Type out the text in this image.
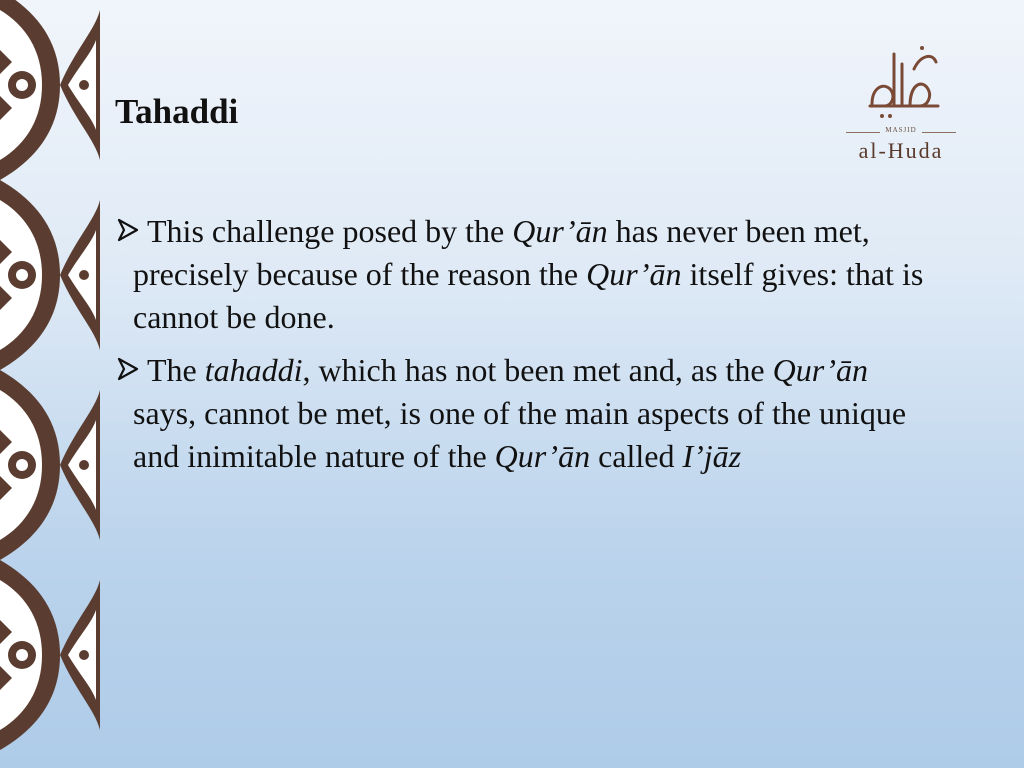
Tahaddi	MASJID
al-Huda

This challenge posed by the Qur’ān has never been met, precisely because of the reason the Qur’ān itself gives: that is cannot be done.

The tahaddi, which has not been met and, as the Qur’ān says, cannot be met, is one of the main aspects of the unique and inimitable nature of the Qur’ān called I’jāz
